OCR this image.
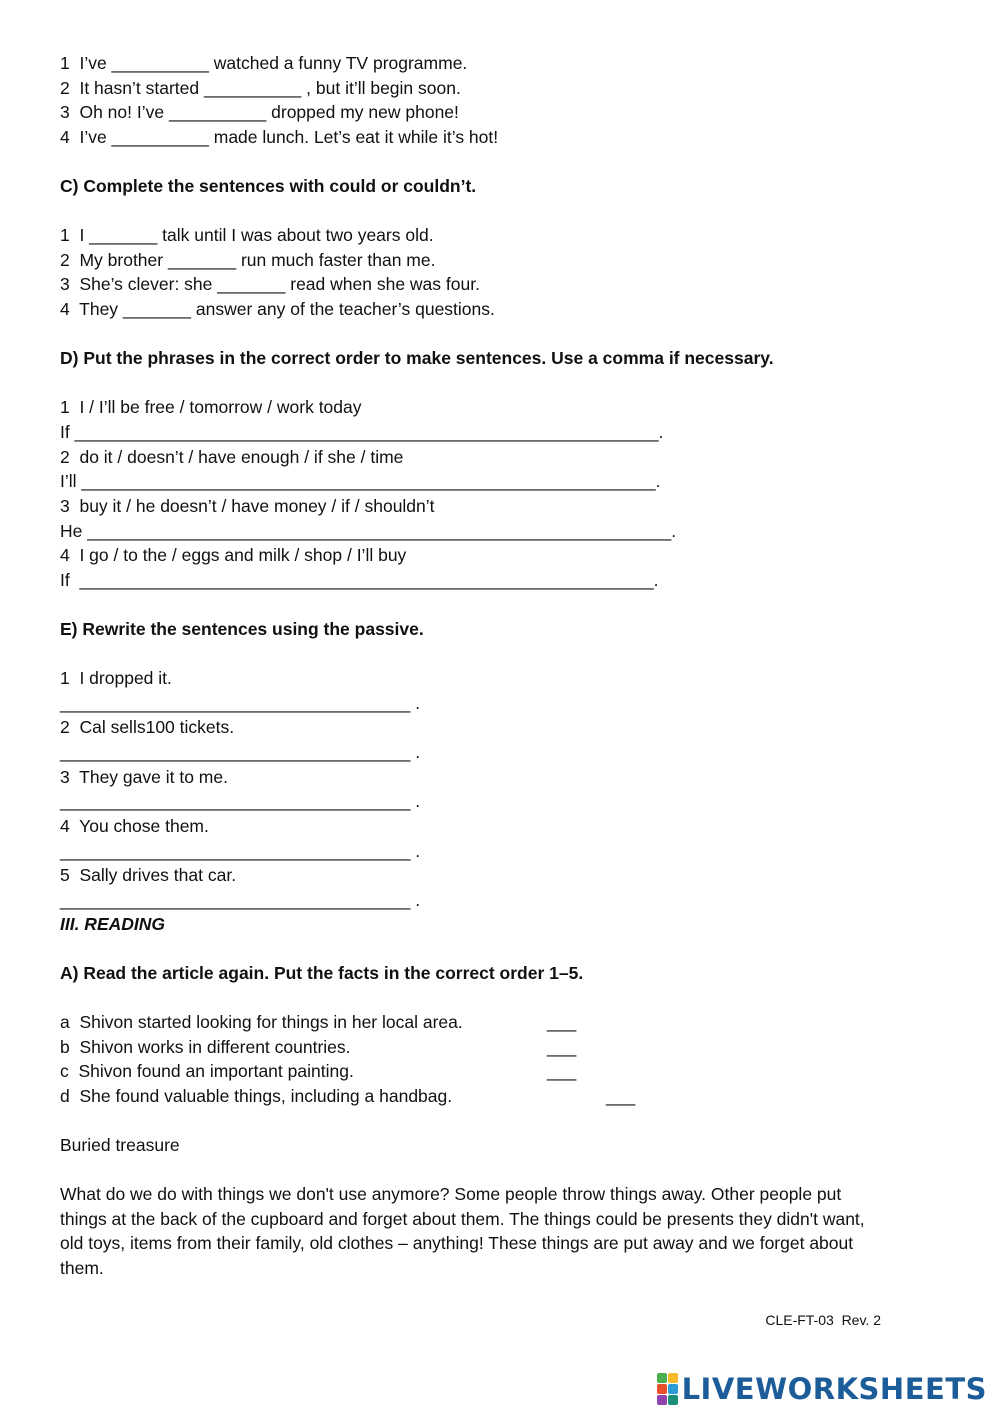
1  I’ve __________ watched a funny TV programme.
2  It hasn’t started __________ , but it’ll begin soon.
3  Oh no! I’ve __________ dropped my new phone!
4  I’ve __________ made lunch. Let’s eat it while it’s hot!
C) Complete the sentences with could or couldn’t.
1  I _______ talk until I was about two years old.
2  My brother _______ run much faster than me.
3  She’s clever: she _______ read when she was four.
4  They _______ answer any of the teacher’s questions.
D) Put the phrases in the correct order to make sentences. Use a comma if necessary.
1  I / I’ll be free / tomorrow / work today
If ____________________________________________________________.
2  do it / doesn’t / have enough / if she / time
I’ll ___________________________________________________________.
3  buy it / he doesn’t / have money / if / shouldn’t
He ____________________________________________________________.
4  I go / to the / eggs and milk / shop / I’ll buy
If  ___________________________________________________________.
E) Rewrite the sentences using the passive.
1  I dropped it.
____________________________________ .
2  Cal sells100 tickets.
____________________________________ .
3  They gave it to me.
____________________________________ .
4  You chose them.
____________________________________ .
5  Sally drives that car.
____________________________________ .
III. READING
A) Read the article again. Put the facts in the correct order 1–5.
a  Shivon started looking for things in her local area.	___
b  Shivon works in different countries.	___
c  Shivon found an important painting.	___
d  She found valuable things, including a handbag.	___
Buried treasure
What do we do with things we don't use anymore? Some people throw things away. Other people put things at the back of the cupboard and forget about them. The things could be presents they didn't want, old toys, items from their family, old clothes – anything! These things are put away and we forget about them.
CLE-FT-03  Rev. 2
LIVEWORKSHEETS
